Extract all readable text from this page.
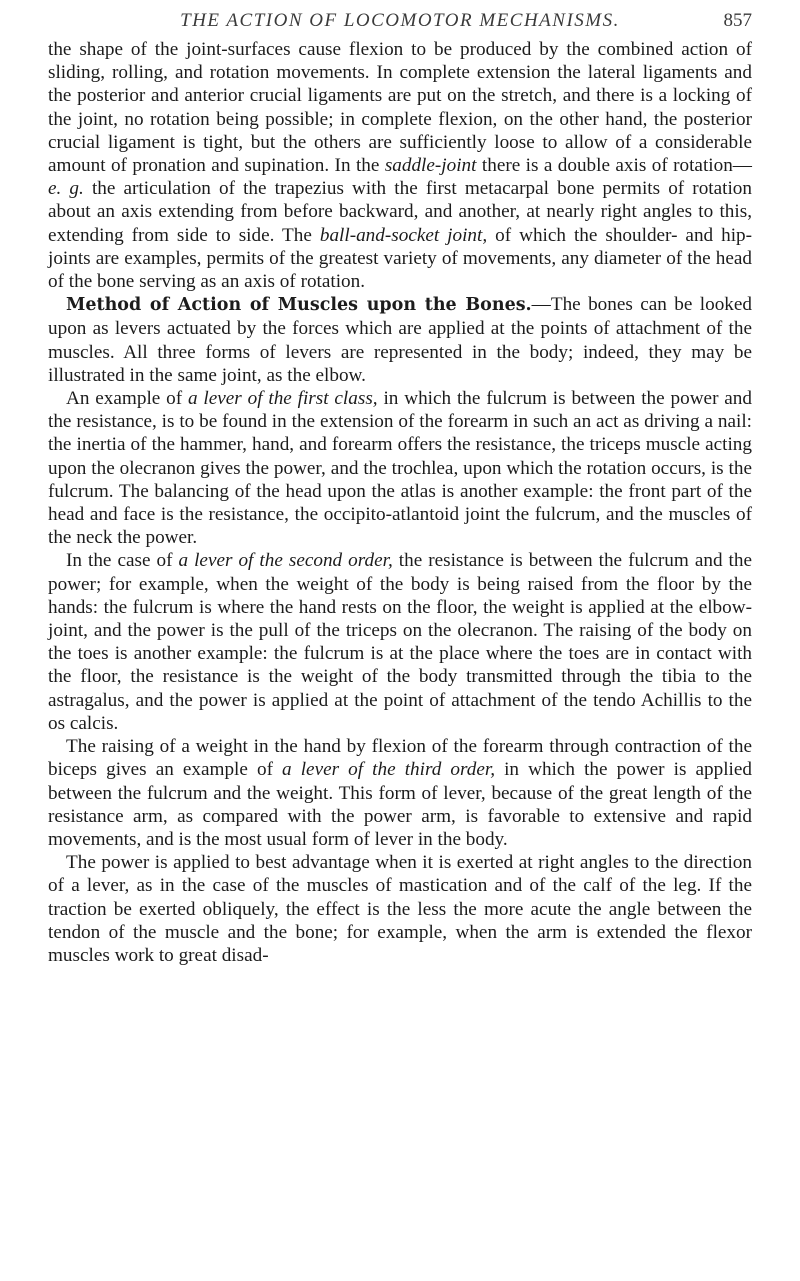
THE ACTION OF LOCOMOTOR MECHANISMS.	857

the shape of the joint-surfaces cause flexion to be produced by the combined action of sliding, rolling, and rotation movements. In complete extension the lateral ligaments and the posterior and anterior crucial ligaments are put on the stretch, and there is a locking of the joint, no rotation being possible; in complete flexion, on the other hand, the posterior crucial ligament is tight, but the others are sufficiently loose to allow of a considerable amount of pronation and supination. In the saddle-joint there is a double axis of rotation—e. g. the articulation of the trapezius with the first metacarpal bone permits of rotation about an axis extending from before backward, and another, at nearly right angles to this, extending from side to side. The ball-and-socket joint, of which the shoulder- and hip-joints are examples, permits of the greatest variety of movements, any diameter of the head of the bone serving as an axis of rotation.

Method of Action of Muscles upon the Bones.—The bones can be looked upon as levers actuated by the forces which are applied at the points of attachment of the muscles. All three forms of levers are represented in the body; indeed, they may be illustrated in the same joint, as the elbow.

An example of a lever of the first class, in which the fulcrum is between the power and the resistance, is to be found in the extension of the forearm in such an act as driving a nail: the inertia of the hammer, hand, and forearm offers the resistance, the triceps muscle acting upon the olecranon gives the power, and the trochlea, upon which the rotation occurs, is the fulcrum. The balancing of the head upon the atlas is another example: the front part of the head and face is the resistance, the occipito-atlantoid joint the fulcrum, and the muscles of the neck the power.

In the case of a lever of the second order, the resistance is between the fulcrum and the power; for example, when the weight of the body is being raised from the floor by the hands: the fulcrum is where the hand rests on the floor, the weight is applied at the elbow-joint, and the power is the pull of the triceps on the olecranon. The raising of the body on the toes is another example: the fulcrum is at the place where the toes are in contact with the floor, the resistance is the weight of the body transmitted through the tibia to the astragalus, and the power is applied at the point of attachment of the tendo Achillis to the os calcis.

The raising of a weight in the hand by flexion of the forearm through contraction of the biceps gives an example of a lever of the third order, in which the power is applied between the fulcrum and the weight. This form of lever, because of the great length of the resistance arm, as compared with the power arm, is favorable to extensive and rapid movements, and is the most usual form of lever in the body.

The power is applied to best advantage when it is exerted at right angles to the direction of a lever, as in the case of the muscles of mastication and of the calf of the leg. If the traction be exerted obliquely, the effect is the less the more acute the angle between the tendon of the muscle and the bone; for example, when the arm is extended the flexor muscles work to great disad-
